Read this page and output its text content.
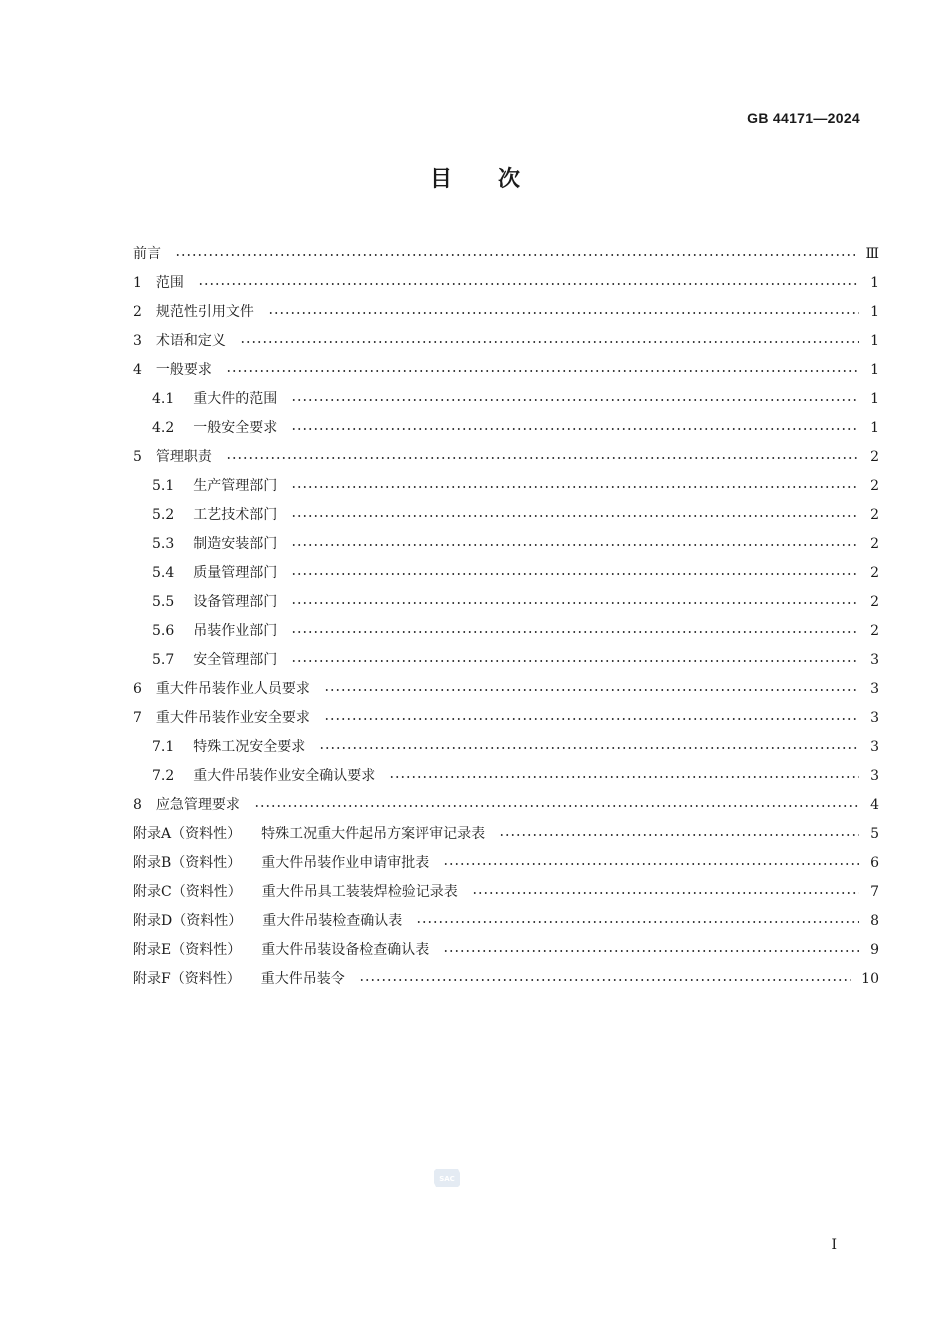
GB 44171—2024
目次
前言	Ⅲ
1 范围	1
2 规范性引用文件	1
3 术语和定义	1
4 一般要求	1
4.1 重大件的范围	1
4.2 一般安全要求	1
5 管理职责	2
5.1 生产管理部门	2
5.2 工艺技术部门	2
5.3 制造安装部门	2
5.4 质量管理部门	2
5.5 设备管理部门	2
5.6 吊装作业部门	2
5.7 安全管理部门	3
6 重大件吊装作业人员要求	3
7 重大件吊装作业安全要求	3
7.1 特殊工况安全要求	3
7.2 重大件吊装作业安全确认要求	3
8 应急管理要求	4
附录A（资料性） 特殊工况重大件起吊方案评审记录表	5
附录B（资料性） 重大件吊装作业申请审批表	6
附录C（资料性） 重大件吊具工装装焊检验记录表	7
附录D（资料性） 重大件吊装检查确认表	8
附录E（资料性） 重大件吊装设备检查确认表	9
附录F（资料性） 重大件吊装令	10
SAC
Ⅰ
